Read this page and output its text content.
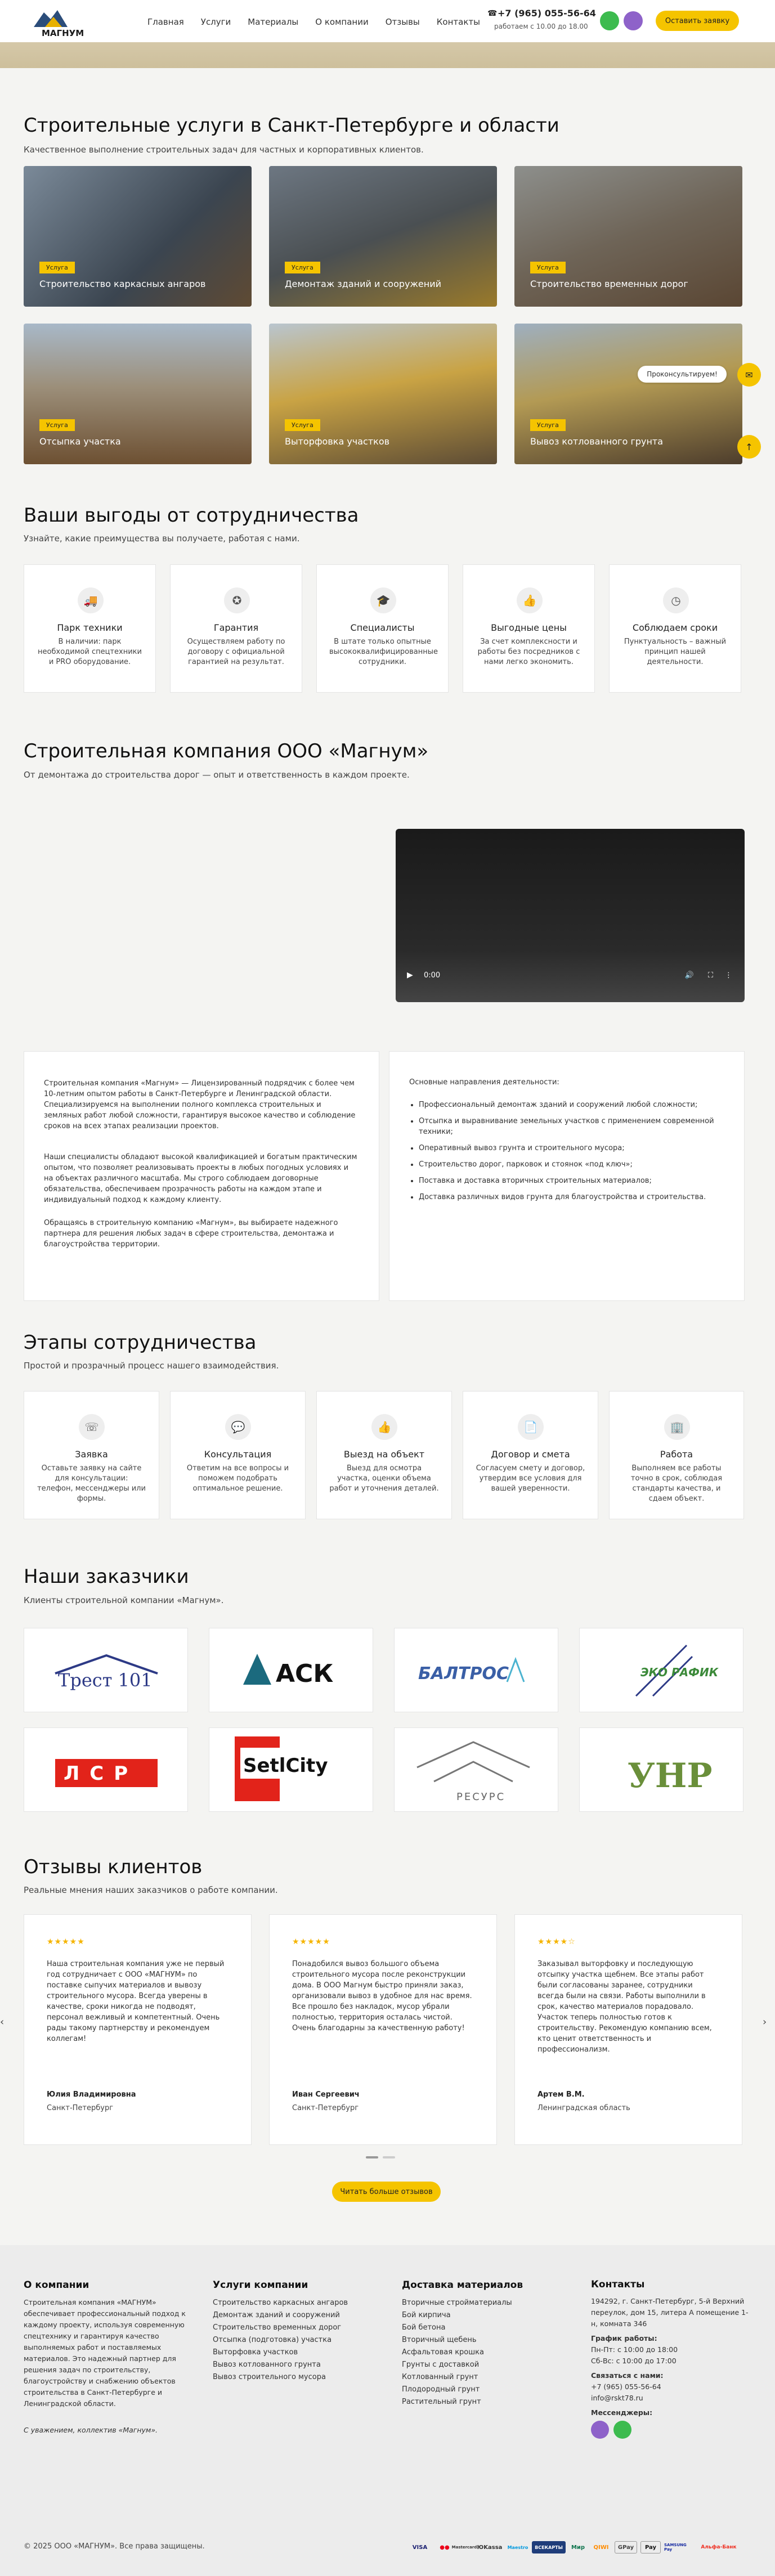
МАГНУМ
Главная Услуги Материалы О компании Отзывы Контакты
☎ +7 (965) 055-56-64
работаем с 10.00 до 18.00
Оставить заявку
Строительные услуги в Санкт-Петербурге и области
Качественное выполнение строительных задач для частных и корпоративных клиентов.
Услуга
Строительство каркасных ангаров
Услуга
Демонтаж зданий и сооружений
Услуга
Строительство временных дорог
Услуга
Отсыпка участка
Услуга
Выторфовка участков
Услуга
Вывоз котлованного грунта
Проконсультируем!	✉
↑
Ваши выгоды от сотрудничества
Узнайте, какие преимущества вы получаете, работая с нами.
🚚
Парк техники
В наличии: парк необходимой спецтехники и PRO оборудование.
✪
Гарантия
Осуществляем работу по договору с официальной гарантией на результат.
🎓
Специалисты
В штате только опытные высококвалифицированные сотрудники.
👍
Выгодные цены
За счет комплексности и работы без посредников с нами легко экономить.
◷
Соблюдаем сроки
Пунктуальность – важный принцип нашей деятельности.
Строительная компания ООО «Магнум»
От демонтажа до строительства дорог — опыт и ответственность в каждом проекте.
▶ 0:00	🔊 ⛶ ⋮

Строительная компания «Магнум» — Лицензированный подрядчик с более чем 10-летним опытом работы в Санкт-Петербурге и Ленинградской области. Специализируемся на выполнении полного комплекса строительных и земляных работ любой сложности, гарантируя высокое качество и соблюдение сроков на всех этапах реализации проектов.

Наши специалисты обладают высокой квалификацией и богатым практическим опытом, что позволяет реализовывать проекты в любых погодных условиях и на объектах различного масштаба. Мы строго соблюдаем договорные обязательства, обеспечиваем прозрачность работы на каждом этапе и индивидуальный подход к каждому клиенту.

Обращаясь в строительную компанию «Магнум», вы выбираете надежного партнера для решения любых задач в сфере строительства, демонтажа и благоустройства территории.

Основные направления деятельности:
• Профессиональный демонтаж зданий и сооружений любой сложности;
• Отсыпка и выравнивание земельных участков с применением современной техники;
• Оперативный вывоз грунта и строительного мусора;
• Строительство дорог, парковок и стоянок «под ключ»;
• Поставка и доставка вторичных строительных материалов;
• Доставка различных видов грунта для благоустройства и строительства.
Этапы сотрудничества
Простой и прозрачный процесс нашего взаимодействия.
☏
Заявка
Оставьте заявку на сайте для консультации: телефон, мессенджеры или формы.
💬
Консультация
Ответим на все вопросы и поможем подобрать оптимальное решение.
👍
Выезд на объект
Выезд для осмотра участка, оценки объема работ и уточнения деталей.
📄
Договор и смета
Согласуем смету и договор, утвердим все условия для вашей уверенности.
🏢
Работа
Выполняем все работы точно в срок, соблюдая стандарты качества, и сдаем объект.
Наши заказчики
Клиенты строительной компании «Магнум».
Трест 101	АСК	БАЛТРОС	ЭКО РАФИК
ЛСР	SetlCity
РЕСУРС
УНР
Отзывы клиентов
Реальные мнения наших заказчиков о работе компании.
‹	›
★★★★★
Наша строительная компания уже не первый год сотрудничает с ООО «МАГНУМ» по поставке сыпучих материалов и вывозу строительного мусора. Всегда уверены в качестве, сроки никогда не подводят, персонал вежливый и компетентный. Очень рады такому партнерству и рекомендуем коллегам!
Юлия Владимировна
Санкт-Петербург
★★★★★
Понадобился вывоз большого объема строительного мусора после реконструкции дома. В ООО Магнум быстро приняли заказ, организовали вывоз в удобное для нас время. Все прошло без накладок, мусор убрали полностью, территория осталась чистой. Очень благодарны за качественную работу!
Иван Сергеевич
Санкт-Петербург
★★★★☆
Заказывал выторфовку и последующую отсыпку участка щебнем. Все этапы работ были согласованы заранее, сотрудники всегда были на связи. Работы выполнили в срок, качество материалов порадовало. Участок теперь полностью готов к строительству. Рекомендую компанию всем, кто ценит ответственность и профессионализм.
Артем В.М.
Ленинградская область
Читать больше отзывов
О компании
Строительная компания «МАГНУМ» обеспечивает профессиональный подход к каждому проекту, используя современную спецтехнику и гарантируя качество выполняемых работ и поставляемых материалов. Это надежный партнер для решения задач по строительству, благоустройству и снабжению объектов строительства в Санкт-Петербурге и Ленинградской области.
С уважением, коллектив «Магнум».
Услуги компании
Строительство каркасных ангаров
Демонтаж зданий и сооружений
Строительство временных дорог
Отсыпка (подготовка) участка
Выторфовка участков
Вывоз котлованного грунта
Вывоз строительного мусора
Доставка материалов
Вторичные стройматериалы
Бой кирпича
Бой бетона
Вторичный щебень
Асфальтовая крошка
Грунты с доставкой
Котлованный грунт
Плодородный грунт
Растительный грунт
Контакты
194292, г. Санкт-Петербург, 5-й Верхний переулок, дом 15, литера А помещение 1-н, комната 346
График работы:
Пн-Пт: с 10:00 до 18:00
Сб-Вс: с 10:00 до 17:00
Связаться с нами:
+7 (965) 055-56-64
info@rskt78.ru
Мессенджеры:
© 2025 ООО «МАГНУМ». Все права защищены.	VISA	●● Mastercard ЮKassa	Maestro	ВСЕКАРТЫ	Мир	QIWI	GPay	Pay	SAMSUNG Pay	Альфа-Банк
